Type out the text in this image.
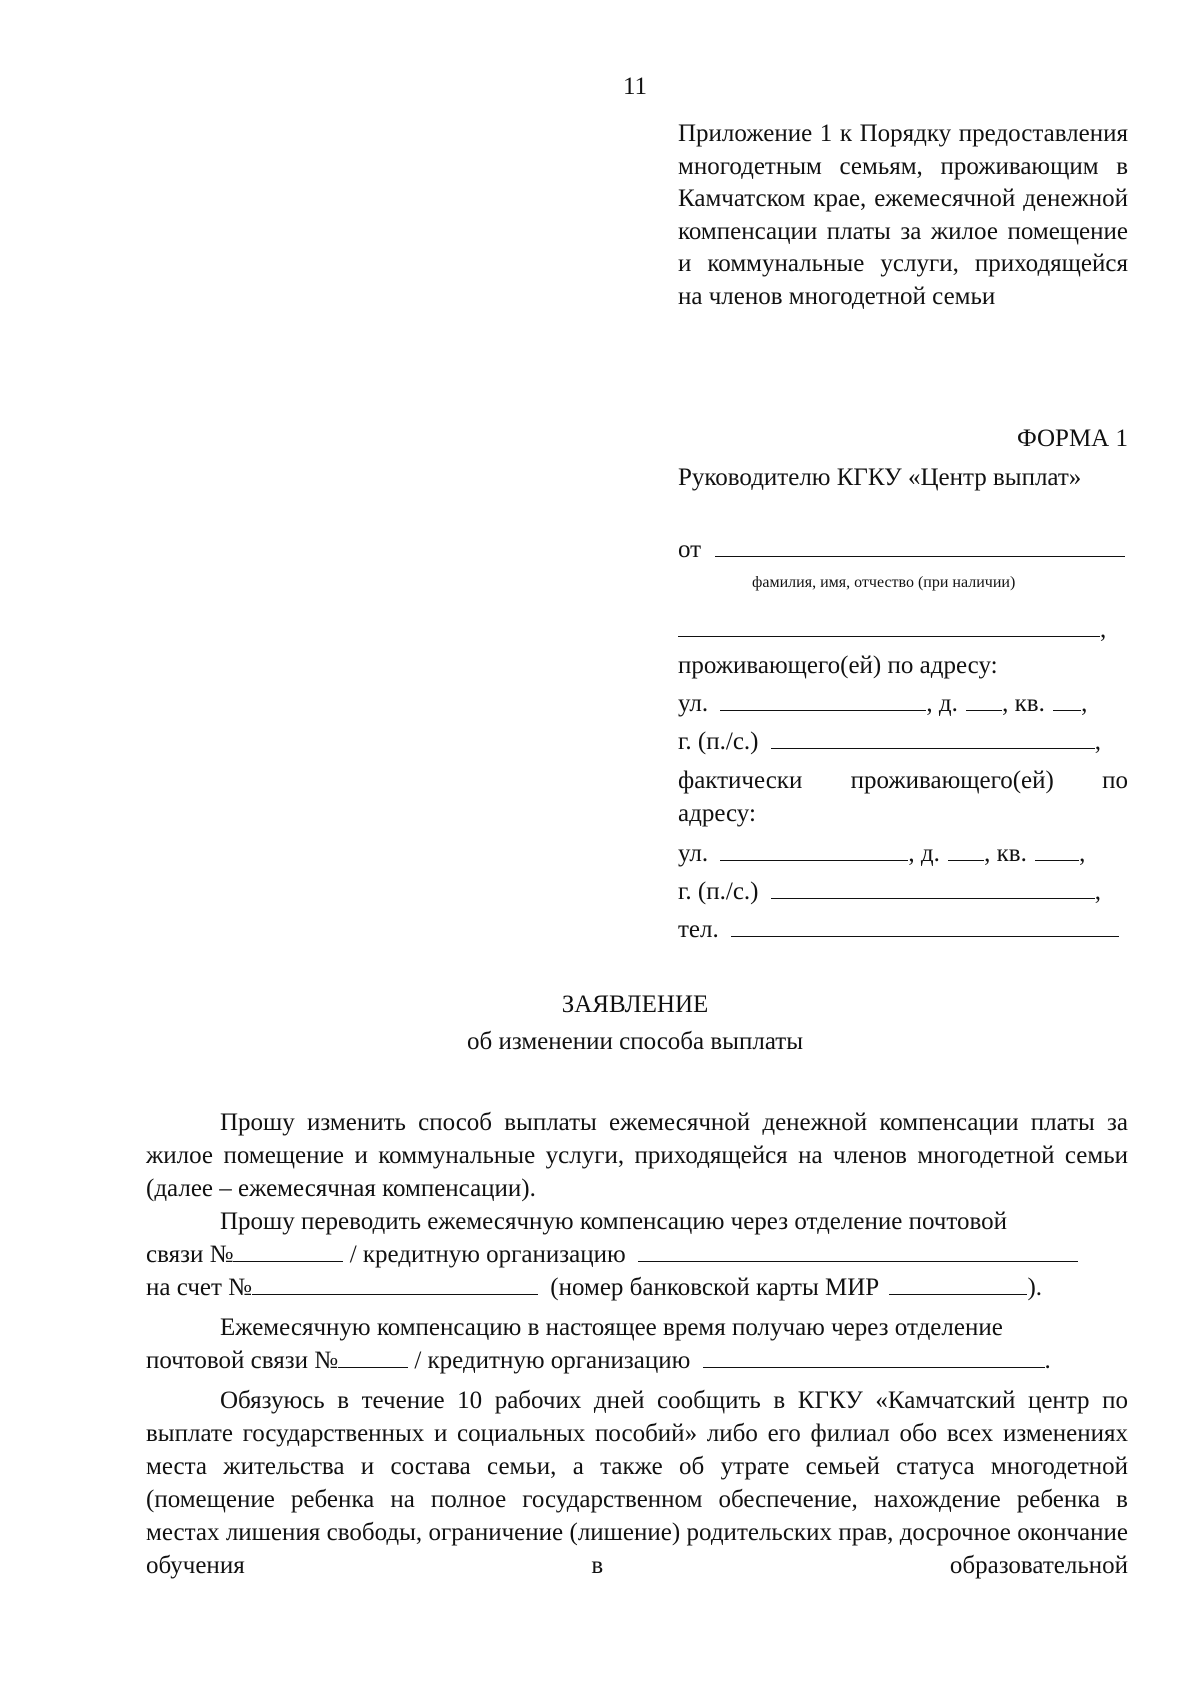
11
Приложение 1 к Порядку предоставления многодетным семьям, проживающим в Камчатском крае, ежемесячной денежной компенсации платы за жилое помещение и коммунальные услуги, приходящейся на членов многодетной семьи
ФОРМА 1
Руководителю КГКУ «Центр выплат»
от
фамилия, имя, отчество (при наличии)
,
проживающего(ей) по адресу:
ул.	, д. , кв. ,
г. (п./с.)	,
фактически проживающего(ей) по адресу:
ул.	, д. , кв. ,
г. (п./с.)	,
тел.
ЗАЯВЛЕНИЕ
об изменении способа выплаты

Прошу изменить способ выплаты ежемесячной денежной компенсации платы за жилое помещение и коммунальные услуги, приходящейся на членов многодетной семьи (далее – ежемесячная компенсации).

Прошу переводить ежемесячную компенсацию через отделение почтовой

связи №	/ кредитную организацию
на счет №	(номер банковской карты МИР	).

Ежемесячную компенсацию в настоящее время получаю через отделение

почтовой связи №	/ кредитную организацию	.

Обязуюсь в течение 10 рабочих дней сообщить в КГКУ «Камчатский центр по выплате государственных и социальных пособий» либо его филиал обо всех изменениях места жительства и состава семьи, а также об утрате семьей статуса многодетной (помещение ребенка на полное государственном обеспечение, нахождение ребенка в местах лишения свободы, ограничение (лишение) родительских прав, досрочное окончание обучения в образовательной
